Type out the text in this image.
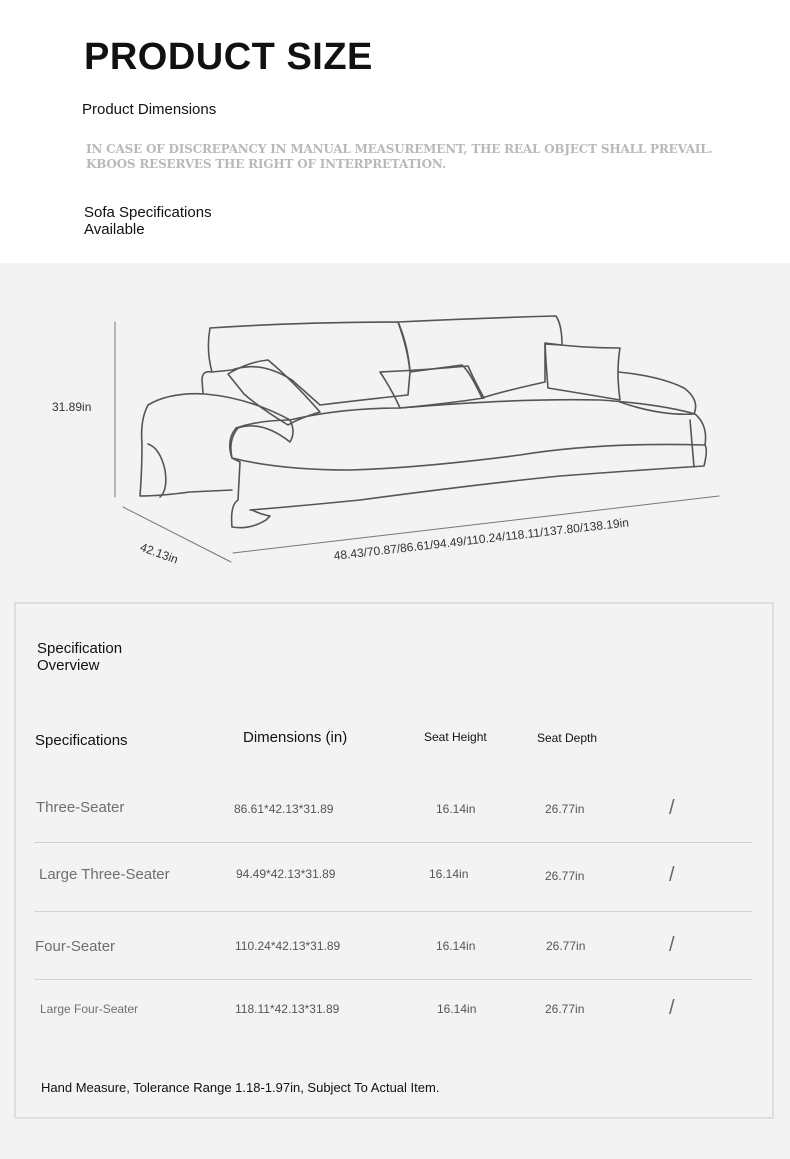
PRODUCT SIZE
Product Dimensions
IN CASE OF DISCREPANCY IN MANUAL MEASUREMENT, THE REAL OBJECT SHALL PREVAIL.
KBOOS RESERVES THE RIGHT OF INTERPRETATION.
Sofa Specifications Available
31.89in
42.13in	48.43/70.87/86.61/94.49/110.24/118.11/137.80/138.19in
Specification Overview
Specifications	Dimensions (in)	Seat Height	Seat Depth
Three-Seater	86.61*42.13*31.89	16.14in	26.77in	/
Large Three-Seater	94.49*42.13*31.89	16.14in	26.77in	/
Four-Seater	110.24*42.13*31.89	16.14in	26.77in	/
Large Four-Seater	118.11*42.13*31.89	16.14in	26.77in	/
Hand Measure, Tolerance Range 1.18-1.97in, Subject To Actual Item.
